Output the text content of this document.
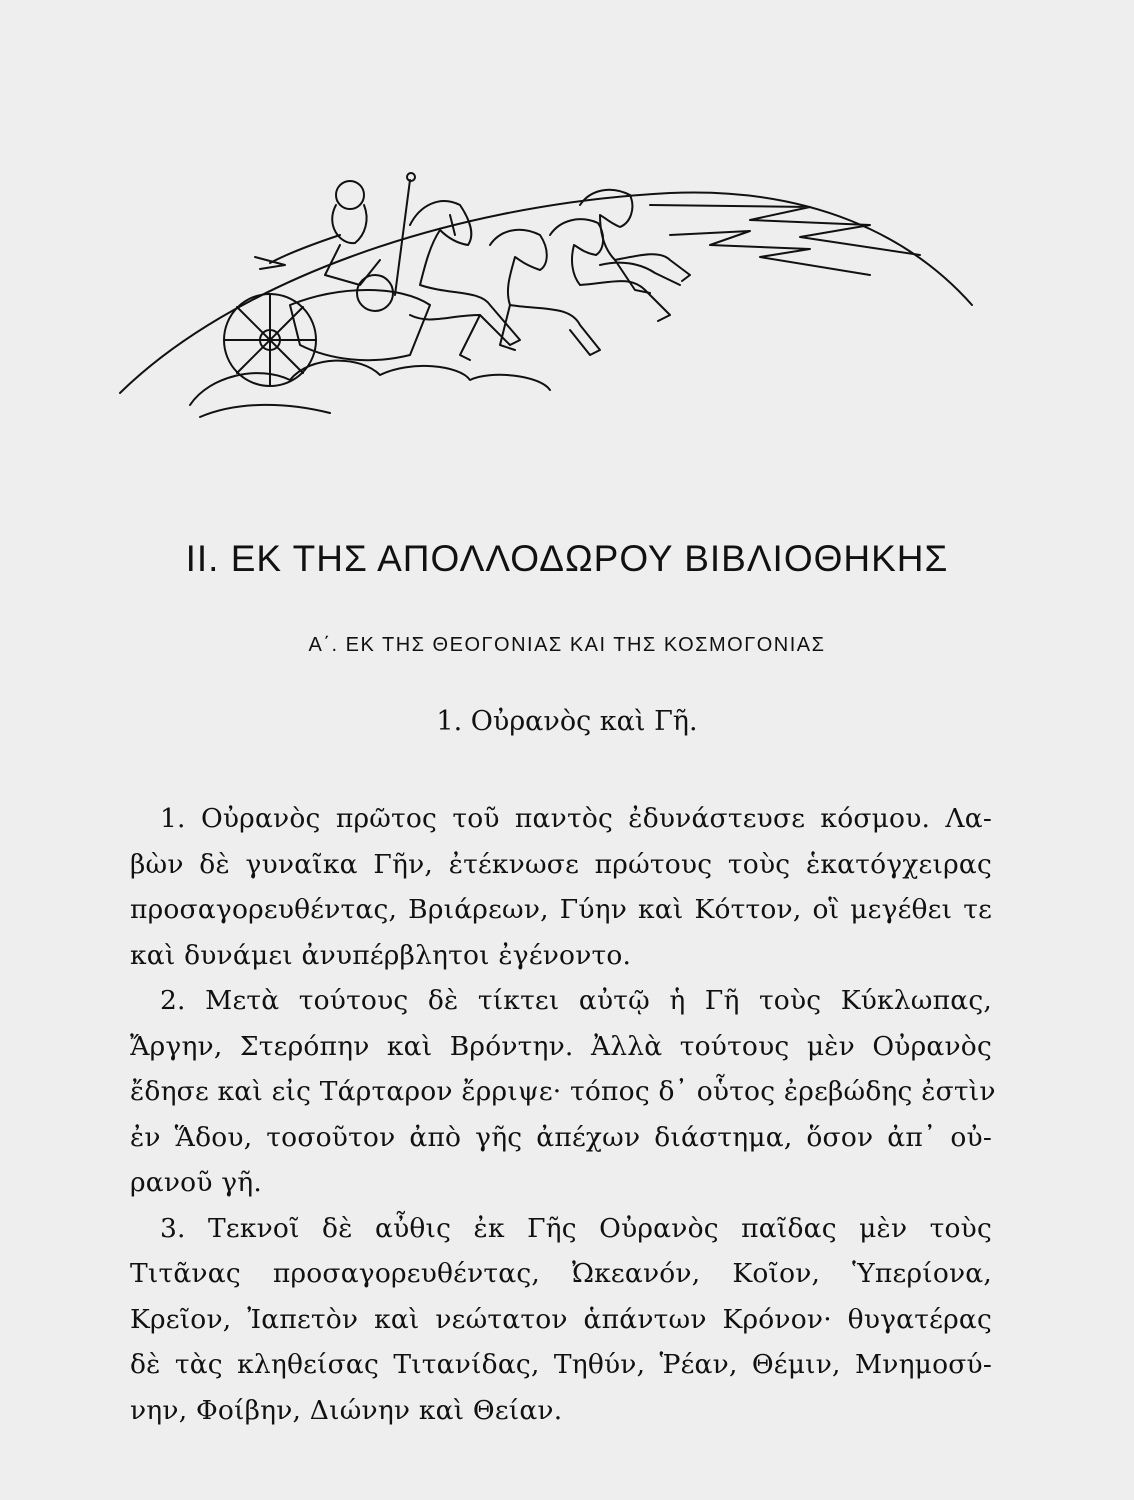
II. ΕΚ ΤΗΣ ΑΠΟΛΛΟΔΩΡΟΥ ΒΙΒΛΙΟΘΗΚΗΣ
Α΄. ΕΚ ΤΗΣ ΘΕΟΓΟΝΙΑΣ ΚΑΙ ΤΗΣ ΚΟΣΜΟΓΟΝΙΑΣ
1. Οὐρανὸς καὶ Γῆ.
1. Οὐρανὸς πρῶτος τοῦ παντὸς ἐδυνάστευσε κόσμου. Λα-
βὼν δὲ γυναῖκα Γῆν, ἐτέκνωσε πρώτους τοὺς ἑκατόγχειρας
προσαγορευθέντας, Βριάρεων, Γύην καὶ Κόττον, οἳ μεγέθει τε
καὶ δυνάμει ἀνυπέρβλητοι ἐγένοντο.
2. Μετὰ τούτους δὲ τίκτει αὐτῷ ἡ Γῆ τοὺς Κύκλωπας,
Ἄργην, Στερόπην καὶ Βρόντην. Ἀλλὰ τούτους μὲν Οὐρανὸς
ἔδησε καὶ εἰς Τάρταρον ἔρριψε· τόπος δ᾿ οὗτος ἐρεβώδης ἐστὶν
ἐν Ἅδου, τοσοῦτον ἀπὸ γῆς ἀπέχων διάστημα, ὅσον ἀπ᾿ οὐ-
ρανοῦ γῆ.
3. Τεκνοῖ δὲ αὖθις ἐκ Γῆς Οὐρανὸς παῖδας μὲν τοὺς
Τιτᾶνας προσαγορευθέντας, Ὠκεανόν, Κοῖον, Ὑπερίονα,
Κρεῖον, Ἰαπετὸν καὶ νεώτατον ἁπάντων Κρόνον· θυγατέρας
δὲ τὰς κληθείσας Τιτανίδας, Τηθύν, Ῥέαν, Θέμιν, Μνημοσύ-
νην, Φοίβην, Διώνην καὶ Θείαν.
